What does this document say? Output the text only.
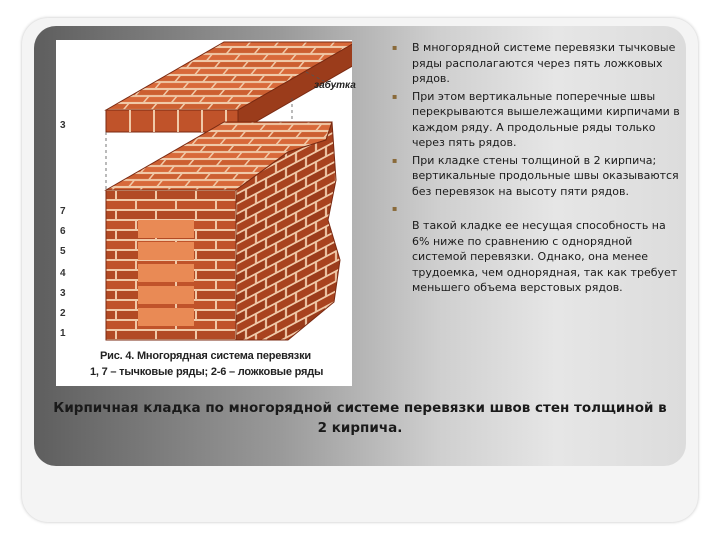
забутка
3
7
6
5
4
3
2
1
Рис. 4. Многорядная система перевязки
1, 7 – тычковые ряды; 2-6 – ложковые ряды
▪ В многорядной системе перевязки тычковые ряды располагаются через пять ложковых рядов.
▪ При этом вертикальные поперечные швы перекрываются вышележащими кирпичами в каждом ряду. А продольные ряды только через пять рядов.
▪ При кладке стены толщиной в 2 кирпича; вертикальные продольные швы оказываются без перевязок на высоту пяти рядов.
▪
В такой кладке ее несущая способность на 6% ниже по сравнению с однорядной системой перевязки. Однако, она менее трудоемка, чем однорядная, так как требует меньшего объема верстовых рядов.
Кирпичная кладка по многорядной системе перевязки швов стен толщиной в 2 кирпича.
